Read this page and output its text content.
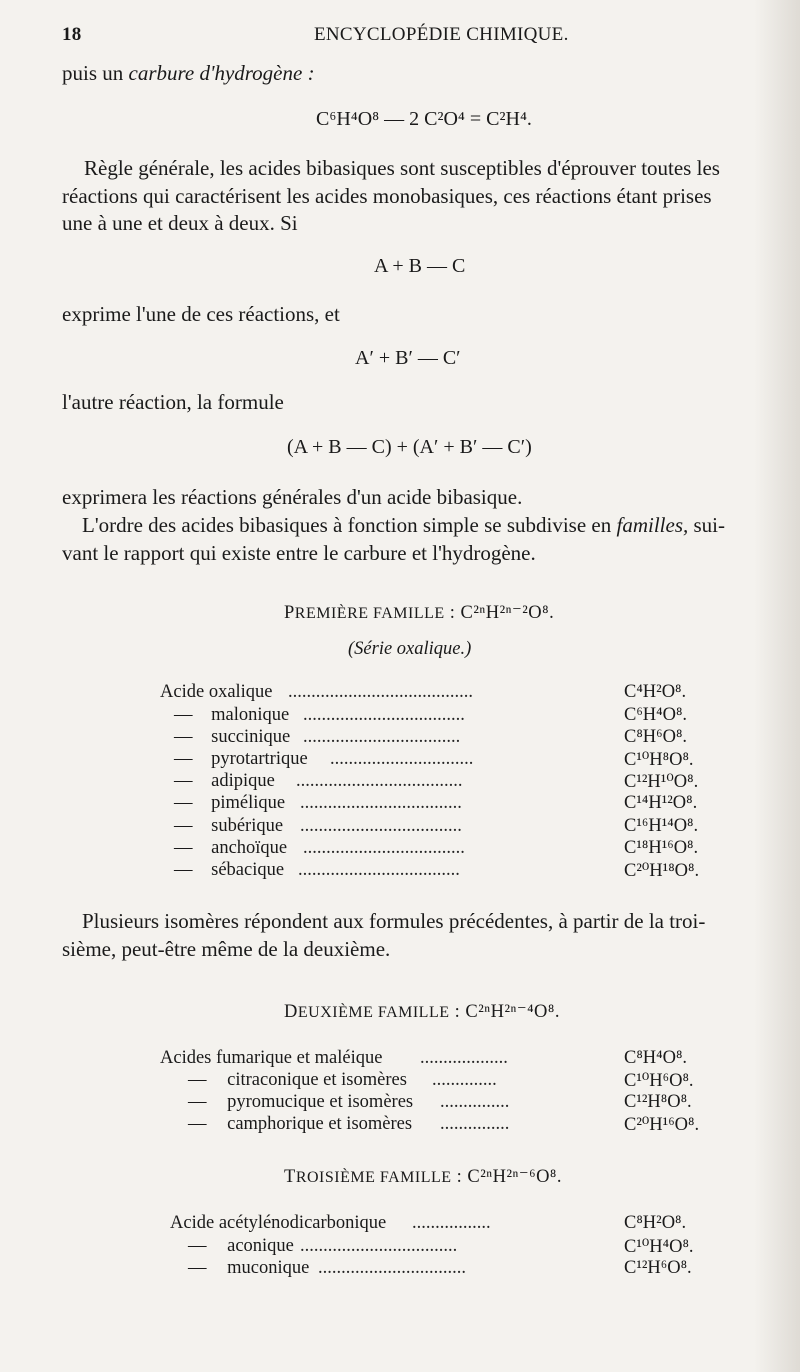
18	ENCYCLOPÉDIE CHIMIQUE.
puis un carbure d'hydrogène :
C⁶H⁴O⁸ — 2 C²O⁴ = C²H⁴.
Règle générale, les acides bibasiques sont susceptibles d'éprouver toutes les
réactions qui caractérisent les acides monobasiques, ces réactions étant prises
une à une et deux à deux. Si
A + B — C
exprime l'une de ces réactions, et
A′ + B′ — C′
l'autre réaction, la formule
(A + B — C) + (A′ + B′ — C′)
exprimera les réactions générales d'un acide bibasique.
L'ordre des acides bibasiques à fonction simple se subdivise en familles, sui-
vant le rapport qui existe entre le carbure et l'hydrogène.
PREMIÈRE FAMILLE : C²ⁿH²ⁿ⁻²O⁸.
(Série oxalique.)
Acide oxalique ........................................	C⁴H²O⁸.
— malonique ...................................	C⁶H⁴O⁸.
— succinique ..................................	C⁸H⁶O⁸.
— pyrotartrique ...............................	C¹⁰H⁸O⁸.
— adipique ....................................	C¹²H¹⁰O⁸.
— pimélique ...................................	C¹⁴H¹²O⁸.
— subérique ...................................	C¹⁶H¹⁴O⁸.
— anchoïque ...................................	C¹⁸H¹⁶O⁸.
— sébacique ...................................	C²⁰H¹⁸O⁸.
Plusieurs isomères répondent aux formules précédentes, à partir de la troi-
sième, peut-être même de la deuxième.
DEUXIÈME FAMILLE : C²ⁿH²ⁿ⁻⁴O⁸.
Acides fumarique et maléique ...................	C⁸H⁴O⁸.
— citraconique et isomères ..............	C¹⁰H⁶O⁸.
— pyromucique et isomères ...............	C¹²H⁸O⁸.
— camphorique et isomères ...............	C²⁰H¹⁶O⁸.
TROISIÈME FAMILLE : C²ⁿH²ⁿ⁻⁶O⁸.
Acide acétylénodicarbonique .................	C⁸H²O⁸.
— aconique ..................................	C¹⁰H⁴O⁸.
— muconique ................................	C¹²H⁶O⁸.
